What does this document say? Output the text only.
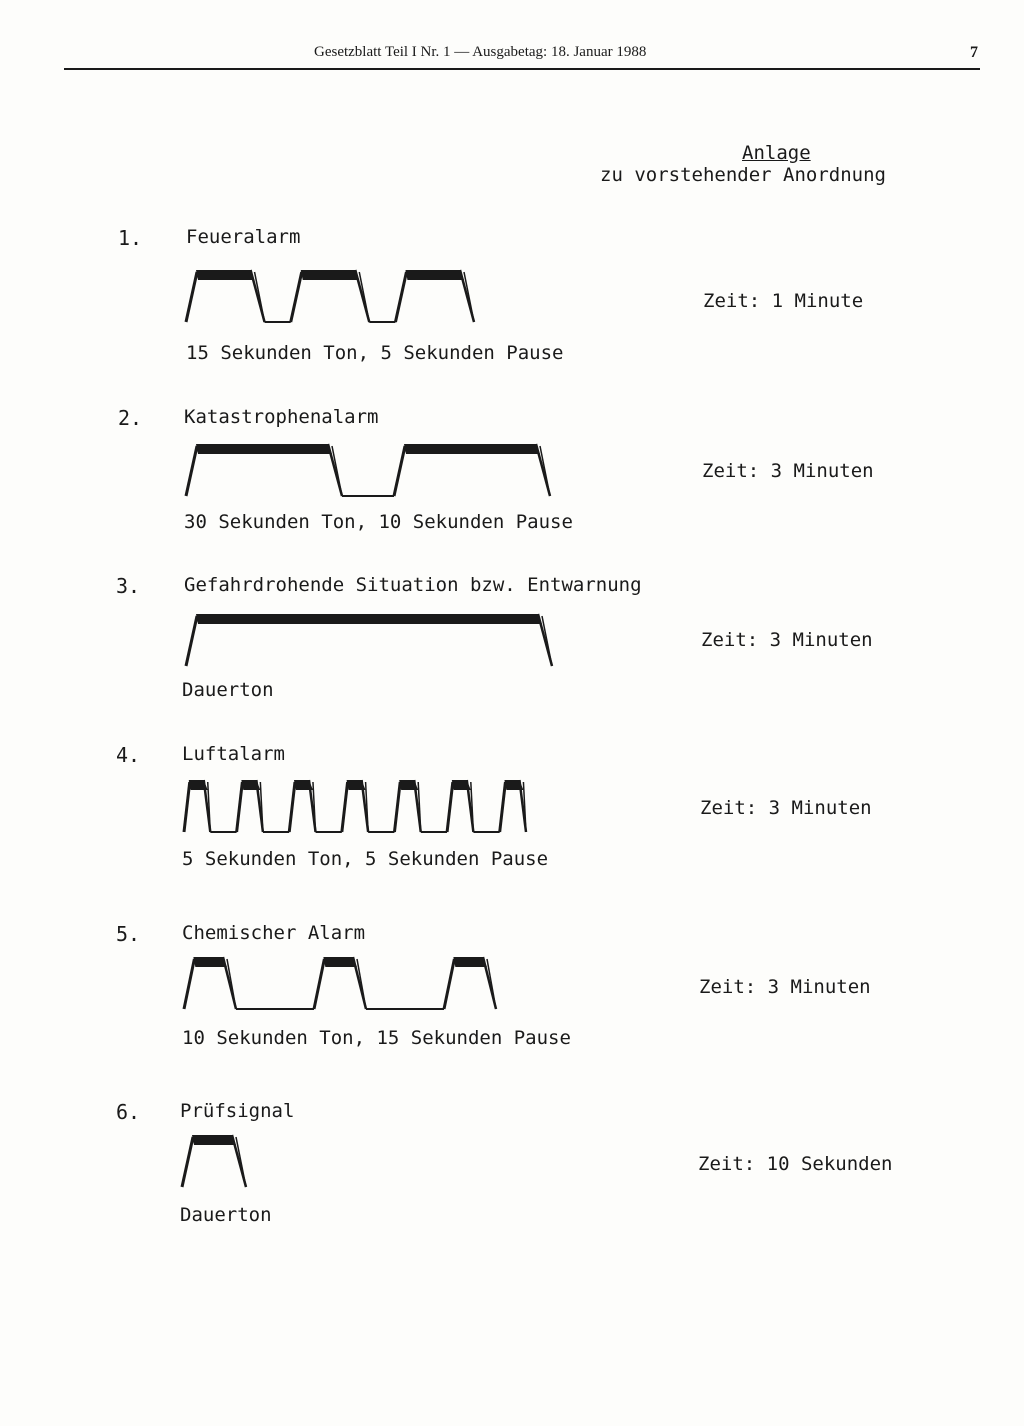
Gesetzblatt Teil I Nr. 1 — Ausgabetag: 18. Januar 1988	7
Anlage
zu vorstehender Anordnung
1. Feueralarm
15 Sekunden Ton, 5 Sekunden Pause
Zeit: 1 Minute
2. Katastrophenalarm
30 Sekunden Ton, 10 Sekunden Pause
Zeit: 3 Minuten
3. Gefahrdrohende Situation bzw. Entwarnung
Dauerton
Zeit: 3 Minuten
4. Luftalarm
5 Sekunden Ton, 5 Sekunden Pause
Zeit: 3 Minuten
5. Chemischer Alarm
10 Sekunden Ton, 15 Sekunden Pause
Zeit: 3 Minuten
6. Prüfsignal
Dauerton
Zeit: 10 Sekunden
